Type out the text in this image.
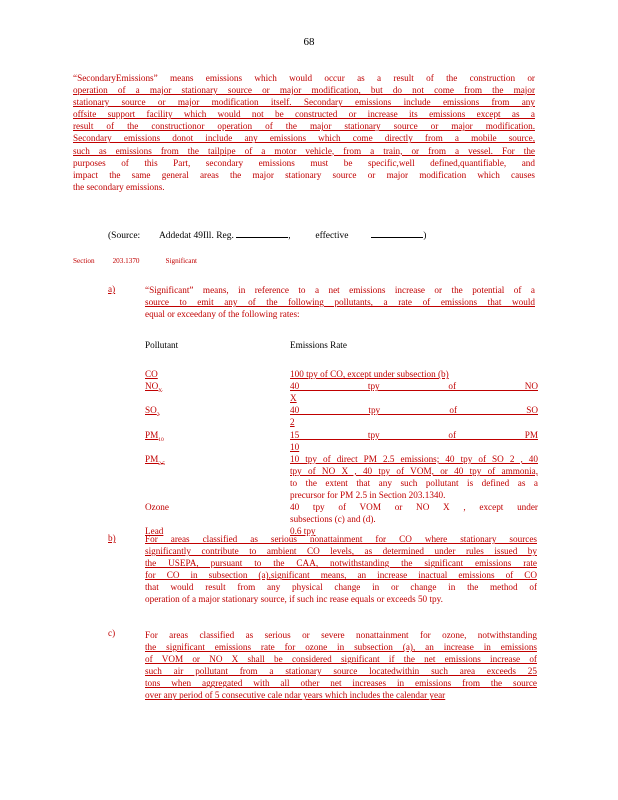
68
“SecondaryEmissions” means emissions which would occur as a result of the construction or
operation of a major stationary source or major modification, but do not come from the major
stationary source or major modification itself. Secondary emissions include emissions from any
offsite support facility which would not be constructed or increase its emissions except as a
result of the constructionor operation of the major stationary source or major modification.
Secondary emissions donot include any emissions which come directly from a mobile source,
such as emissions from the tailpipe of a motor vehicle, from a train, or from a vessel. For the
purposes of this Part, secondary emissions must be specific,well defined,quantifiable, and
impact the same general areas the major stationary source or major modification which causes
the secondary emissions.
(Source: Addedat 49Ill. Reg.	,	effective	)
Section	203.1370	Significant
a)	“Significant” means, in reference to a net emissions increase or the potential of a
source to emit any of the following pollutants, a rate of emissions that would
equal or exceedany of the following rates:
Pollutant	Emissions Rate
CO	100 tpy of CO, except under subsection (b)
$NO_X$	40 tpy of NO
X
$SO_2$	40 tpy of SO
2
$PM_{10}$	15 tpy of PM
10
$PM_{2.5}$	10 tpy of direct PM 2.5 emissions; 40 tpy of SO 2 , 40
tpy of NO X , 40 tpy of VOM, or 40 tpy of ammonia,
to the extent that any such pollutant is defined as a
precursor for PM 2.5 in Section 203.1340.
Ozone	40 tpy of VOM or NO X , except under
subsections (c) and (d).
Lead	0.6 tpy
b)	For areas classified as serious nonattainment for CO where stationary sources
significantly contribute to ambient CO levels, as determined under rules issued by
the USEPA, pursuant to the CAA, notwithstanding the significant emissions rate
for CO in subsection (a),significant means, an increase inactual emissions of CO
that would result from any physical change in or change in the method of
operation of a major stationary source, if such inc rease equals or exceeds 50 tpy.
c)	For areas classified as serious or severe nonattainment for ozone, notwithstanding
the significant emissions rate for ozone in subsection (a), an increase in emissions
of VOM or NO X shall be considered significant if the net emissions increase of
such air pollutant from a stationary source locatedwithin such area exceeds 25
tons when aggregated with all other net increases in emissions from the source
over any period of 5 consecutive cale ndar years which includes the calendar year
